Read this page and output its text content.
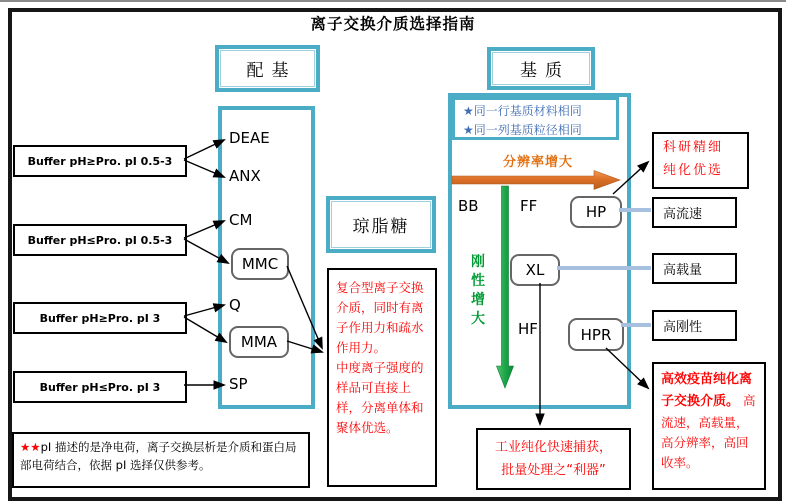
离子交换介质选择指南
Buffer pH≥Pro. pI 0.5-3
Buffer pH≤Pro. pI 0.5-3
Buffer pH≥Pro. pI 3
Buffer pH≤Pro. pI 3
配基
DEAE
ANX
CM
MMC
Q
MMA
SP
琼脂糖
复合型离子交换介质，同时有离子作用力和疏水作用力。
中度离子强度的样品可直接上样，分离单体和聚体优选。
基质
★同一行基质材料相同
★同一列基质粒径相同
分辨率增大
刚性增大
BB	FF	HP
XL
HF	HPR
科研精细
纯化优选
高流速
高载量
高刚性
高效疫苗纯化离子交换介质。 高流速，高载量，高分辨率，高回收率。
工业纯化快速捕获，
批量处理之“利器”
★★pI 描述的是净电荷，离子交换层析是介质和蛋白局部电荷结合，依据 pI 选择仅供参考。
